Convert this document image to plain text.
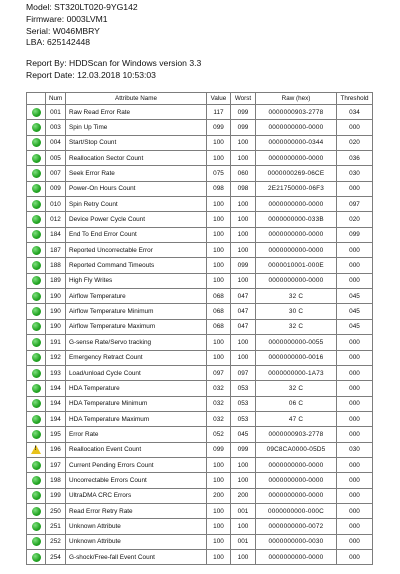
Model: ST320LT020-9YG142
Firmware: 0003LVM1
Serial: W046MBRY
LBA: 625142448
Report By: HDDScan for Windows version 3.3
Report Date: 12.03.2018 10:53:03
	Num	Attribute Name	Value	Worst	Raw (hex)	Threshold
	001	Raw Read Error Rate	117	099	0000000903-2778	034
	003	Spin Up Time	099	099	0000000000-0000	000
	004	Start/Stop Count	100	100	0000000000-0344	020
	005	Reallocation Sector Count	100	100	0000000000-0000	036
	007	Seek Error Rate	075	060	0000000269-06CE	030
	009	Power-On Hours Count	098	098	2E21750000-06F3	000
	010	Spin Retry Count	100	100	0000000000-0000	097
	012	Device Power Cycle Count	100	100	0000000000-033B	020
	184	End To End Error Count	100	100	0000000000-0000	099
	187	Reported Uncorrectable Error	100	100	0000000000-0000	000
	188	Reported Command Timeouts	100	099	0000010001-000E	000
	189	High Fly Writes	100	100	0000000000-0000	000
	190	Airflow Temperature	068	047	32 C	045
	190	Airflow Temperature Minimum	068	047	30 C	045
	190	Airflow Temperature Maximum	068	047	32 C	045
	191	G-sense Rate/Servo tracking	100	100	0000000000-0055	000
	192	Emergency Retract Count	100	100	0000000000-0016	000
	193	Load/unload Cycle Count	097	097	0000000000-1A73	000
	194	HDA Temperature	032	053	32 C	000
	194	HDA Temperature Minimum	032	053	06 C	000
	194	HDA Temperature Maximum	032	053	47 C	000
	195	Error Rate	052	045	0000000903-2778	000
!	196	Reallocation Event Count	099	099	09C8CA0000-05D5	030
	197	Current Pending Errors Count	100	100	0000000000-0000	000
	198	Uncorrectable Errors Count	100	100	0000000000-0000	000
	199	UltraDMA CRC Errors	200	200	0000000000-0000	000
	250	Read Error Retry Rate	100	001	0000000000-000C	000
	251	Unknown Attribute	100	100	0000000000-0072	000
	252	Unknown Attribute	100	001	0000000000-0030	000
	254	G-shock/Free-fall Event Count	100	100	0000000000-0000	000
